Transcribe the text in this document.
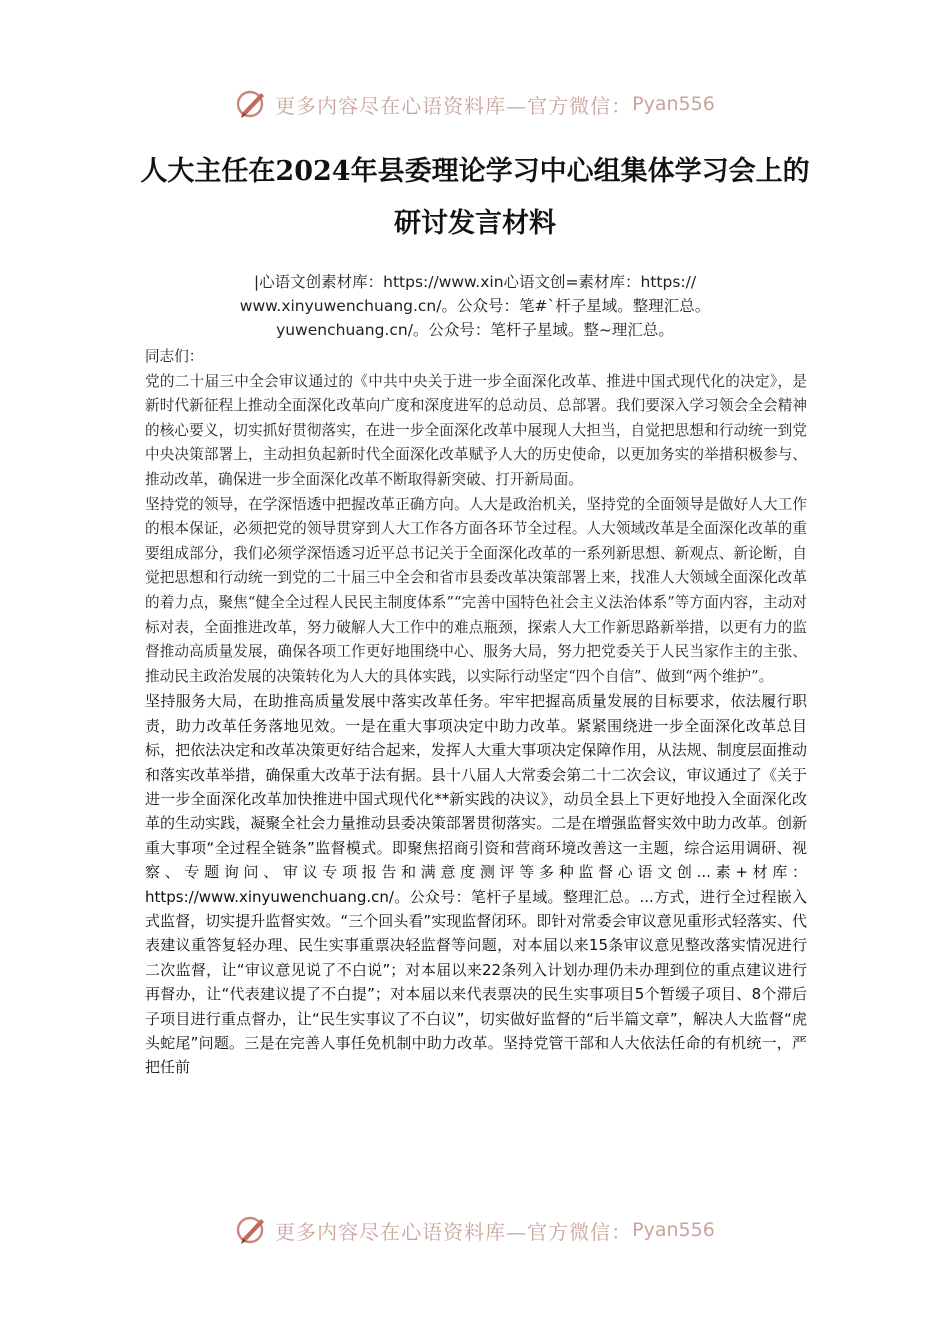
更多内容尽在心语资料库—官方微信： Pyan556
人大主任在2024年县委理论学习中心组集体学习会上的研讨发言材料
|心语文创素材库：https://www.xin心语文创=素材库：https://
www.xinyuwenchuang.cn/。公众号：笔#`杆子星域。整理汇总。
yuwenchuang.cn/。公众号：笔杆子星域。整~理汇总。

同志们：

党的二十届三中全会审议通过的《中共中央关于进一步全面深化改革、推进中国式现代化的决定》，是新时代新征程上推动全面深化改革向广度和深度进军的总动员、总部署。我们要深入学习领会全会精神的核心要义，切实抓好贯彻落实，在进一步全面深化改革中展现人大担当，自觉把思想和行动统一到党中央决策部署上，主动担负起新时代全面深化改革赋予人大的历史使命，以更加务实的举措积极参与、推动改革，确保进一步全面深化改革不断取得新突破、打开新局面。

坚持党的领导，在学深悟透中把握改革正确方向。人大是政治机关，坚持党的全面领导是做好人大工作的根本保证，必须把党的领导贯穿到人大工作各方面各环节全过程。人大领域改革是全面深化改革的重要组成部分，我们必须学深悟透习近平总书记关于全面深化改革的一系列新思想、新观点、新论断，自觉把思想和行动统一到党的二十届三中全会和省市县委改革决策部署上来，找准人大领域全面深化改革的着力点，聚焦“健全全过程人民民主制度体系”“完善中国特色社会主义法治体系”等方面内容，主动对标对表，全面推进改革，努力破解人大工作中的难点瓶颈，探索人大工作新思路新举措，以更有力的监督推动高质量发展，确保各项工作更好地围绕中心、服务大局，努力把党委关于人民当家作主的主张、推动民主政治发展的决策转化为人大的具体实践，以实际行动坚定“四个自信”、做到“两个维护”。

坚持服务大局，在助推高质量发展中落实改革任务。牢牢把握高质量发展的目标要求，依法履行职责，助力改革任务落地见效。一是在重大事项决定中助力改革。紧紧围绕进一步全面深化改革总目标，把依法决定和改革决策更好结合起来，发挥人大重大事项决定保障作用，从法规、制度层面推动和落实改革举措，确保重大改革于法有据。县十八届人大常委会第二十二次会议，审议通过了《关于进一步全面深化改革加快推进中国式现代化**新实践的决议》，动员全县上下更好地投入全面深化改革的生动实践，凝聚全社会力量推动县委决策部署贯彻落实。二是在增强监督实效中助力改革。创新重大事项“全过程全链条”监督模式。即聚焦招商引资和营商环境改善这一主题，综合运用调研、视察、专题询问、审议专项报告和满意度测评等多种监督心语文创...素+材库：https://www.xinyuwenchuang.cn/。公众号：笔杆子星域。整理汇总。...方式，进行全过程嵌入式监督，切实提升监督实效。“三个回头看”实现监督闭环。即针对常委会审议意见重形式轻落实、代表建议重答复轻办理、民生实事重票决轻监督等问题，对本届以来15条审议意见整改落实情况进行二次监督，让“审议意见说了不白说”；对本届以来22条列入计划办理仍未办理到位的重点建议进行再督办，让“代表建议提了不白提”；对本届以来代表票决的民生实事项目5个暂缓子项目、8个滞后子项目进行重点督办，让“民生实事议了不白议”，切实做好监督的“后半篇文章”，解决人大监督“虎头蛇尾”问题。三是在完善人事任免机制中助力改革。坚持党管干部和人大依法任命的有机统一，严把任前

更多内容尽在心语资料库—官方微信： Pyan556
